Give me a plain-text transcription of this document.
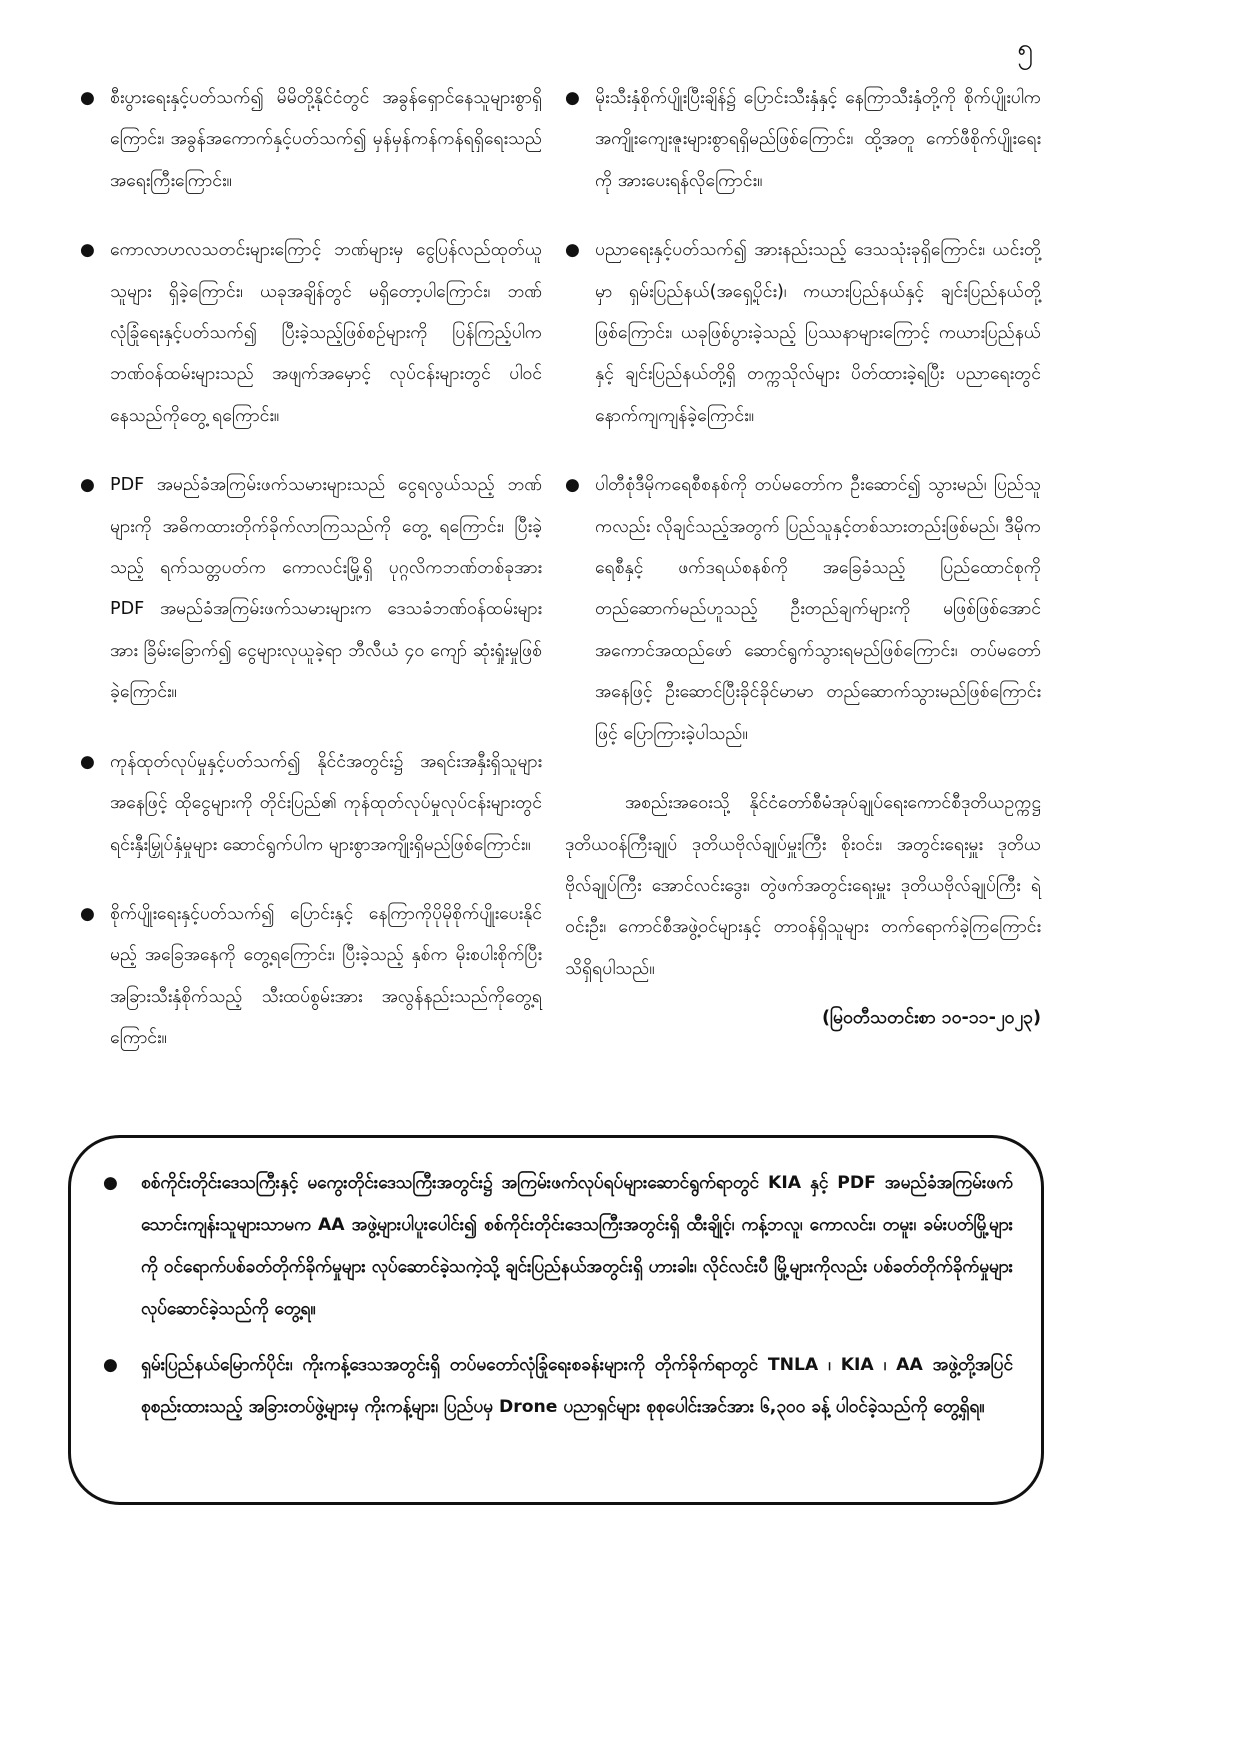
၅
● စီးပွားရေးနှင့်ပတ်သက်၍ မိမိတို့နိုင်ငံတွင် အခွန်ရှောင်နေသူများစွာရှိကြောင်း၊ အခွန်အကောက်နှင့်ပတ်သက်၍ မှန်မှန်ကန်ကန်ရရှိရေးသည် အရေးကြီးကြောင်း။
● ကောလာဟလသတင်းများကြောင့် ဘဏ်များမှ ငွေပြန်လည်ထုတ်ယူသူများ ရှိခဲ့ကြောင်း၊ ယခုအချိန်တွင် မရှိတော့ပါကြောင်း၊ ဘဏ်လုံခြုံရေးနှင့်ပတ်သက်၍ ပြီးခဲ့သည့်ဖြစ်စဉ်များကို ပြန်ကြည့်ပါက ဘဏ်ဝန်ထမ်းများသည် အဖျက်အမှောင့် လုပ်ငန်းများတွင် ပါဝင်နေသည်ကိုတွေ့ ရကြောင်း။
● PDF အမည်ခံအကြမ်းဖက်သမားများသည် ငွေရလွယ်သည့် ဘဏ်များကို အဓိကထားတိုက်ခိုက်လာကြသည်ကို တွေ့ ရကြောင်း၊ ပြီးခဲ့သည့် ရက်သတ္တပတ်က ကောလင်းမြို့ရှိ ပုဂ္ဂလိကဘဏ်တစ်ခုအား PDF အမည်ခံအကြမ်းဖက်သမားများက ဒေသခံဘဏ်ဝန်ထမ်းများအား ခြိမ်းခြောက်၍ ငွေများလုယူခဲ့ရာ ဘီလီယံ ၄၀ ကျော် ဆုံးရှုံးမှုဖြစ်ခဲ့ကြောင်း။
● ကုန်ထုတ်လုပ်မှုနှင့်ပတ်သက်၍ နိုင်ငံအတွင်း၌ အရင်းအနှီးရှိသူများအနေဖြင့် ထိုငွေများကို တိုင်းပြည်၏ ကုန်ထုတ်လုပ်မှုလုပ်ငန်းများတွင် ရင်းနှီးမြှုပ်နှံမှုများ ဆောင်ရွက်ပါက များစွာအကျိုးရှိမည်ဖြစ်ကြောင်း။
● စိုက်ပျိုးရေးနှင့်ပတ်သက်၍ ပြောင်းနှင့် နေကြာကိုပိုမိုစိုက်ပျိုးပေးနိုင်မည့် အခြေအနေကို တွေ့ရကြောင်း၊ ပြီးခဲ့သည့် နှစ်က မိုးစပါးစိုက်ပြီး အခြားသီးနှံစိုက်သည့် သီးထပ်စွမ်းအား အလွန်နည်းသည်ကိုတွေ့ရကြောင်း။
● မိုးသီးနှံစိုက်ပျိုးပြီးချိန်၌ ပြောင်းသီးနှံနှင့် နေကြာသီးနှံတို့ကို စိုက်ပျိုးပါက အကျိုးကျေးဇူးများစွာရရှိမည်ဖြစ်ကြောင်း၊ ထို့အတူ ကော်ဖီစိုက်ပျိုးရေးကို အားပေးရန်လိုကြောင်း။
● ပညာရေးနှင့်ပတ်သက်၍ အားနည်းသည့် ဒေသသုံးခုရှိကြောင်း၊ ယင်းတို့မှာ ရှမ်းပြည်နယ်(အရှေ့ပိုင်း)၊ ကယားပြည်နယ်နှင့် ချင်းပြည်နယ်တို့ဖြစ်ကြောင်း၊ ယခုဖြစ်ပွားခဲ့သည့် ပြဿနာများကြောင့် ကယားပြည်နယ်နှင့် ချင်းပြည်နယ်တို့ရှိ တက္ကသိုလ်များ ပိတ်ထားခဲ့ရပြီး ပညာရေးတွင် နောက်ကျကျန်ခဲ့ကြောင်း။
● ပါတီစုံဒီမိုကရေစီစနစ်ကို တပ်မတော်က ဦးဆောင်၍ သွားမည်၊ ပြည်သူကလည်း လိုချင်သည့်အတွက် ပြည်သူနှင့်တစ်သားတည်းဖြစ်မည်၊ ဒီမိုကရေစီနှင့် ဖက်ဒရယ်စနစ်ကို အခြေခံသည့် ပြည်ထောင်စုကို တည်ဆောက်မည်ဟူသည့် ဦးတည်ချက်များကို မဖြစ်ဖြစ်အောင် အကောင်အထည်ဖော် ဆောင်ရွက်သွားရမည်ဖြစ်ကြောင်း၊ တပ်မတော်အနေဖြင့် ဦးဆောင်ပြီးခိုင်ခိုင်မာမာ တည်ဆောက်သွားမည်ဖြစ်ကြောင်းဖြင့် ပြောကြားခဲ့ပါသည်။

အစည်းအဝေးသို့ နိုင်ငံတော်စီမံအုပ်ချုပ်ရေးကောင်စီဒုတိယဥက္ကဋ္ဌ ဒုတိယဝန်ကြီးချုပ် ဒုတိယဗိုလ်ချုပ်မှူးကြီး စိုးဝင်း၊ အတွင်းရေးမှူး ဒုတိယဗိုလ်ချုပ်ကြီး အောင်လင်းဒွေး၊ တွဲဖက်အတွင်းရေးမှူး ဒုတိယဗိုလ်ချုပ်ကြီး ရဲဝင်းဦး၊ ကောင်စီအဖွဲ့ဝင်များနှင့် တာဝန်ရှိသူများ တက်ရောက်ခဲ့ကြကြောင်း သိရှိရပါသည်။

(မြဝတီသတင်းစာ ၁၀-၁၁-၂၀၂၃)
● စစ်ကိုင်းတိုင်းဒေသကြီးနှင့် မကွေးတိုင်းဒေသကြီးအတွင်း၌ အကြမ်းဖက်လုပ်ရပ်များဆောင်ရွက်ရာတွင် KIA နှင့် PDF အမည်ခံအကြမ်းဖက်သောင်းကျန်းသူများသာမက AA အဖွဲ့များပါပူးပေါင်း၍ စစ်ကိုင်းတိုင်းဒေသကြီးအတွင်းရှိ ထီးချိုင့်၊ ကန့်ဘလူ၊ ကောလင်း၊ တမူး၊ ခမ်းပတ်မြို့များကို ဝင်ရောက်ပစ်ခတ်တိုက်ခိုက်မှုများ လုပ်ဆောင်ခဲ့သကဲ့သို့ ချင်းပြည်နယ်အတွင်းရှိ ဟားခါး၊ လိုင်လင်းပီ မြို့များကိုလည်း ပစ်ခတ်တိုက်ခိုက်မှုများလုပ်ဆောင်ခဲ့သည်ကို တွေ့ရ။
● ရှမ်းပြည်နယ်မြောက်ပိုင်း၊ ကိုးကန့်ဒေသအတွင်းရှိ တပ်မတော်လုံခြုံရေးစခန်းများကို တိုက်ခိုက်ရာတွင် TNLA ၊ KIA ၊ AA အဖွဲ့တို့အပြင် စုစည်းထားသည့် အခြားတပ်ဖွဲ့များမှ ကိုးကန့်များ၊ ပြည်ပမှ Drone ပညာရှင်များ စုစုပေါင်းအင်အား ၆,၃၀၀ ခန့် ပါဝင်ခဲ့သည်ကို တွေ့ရှိရ။
